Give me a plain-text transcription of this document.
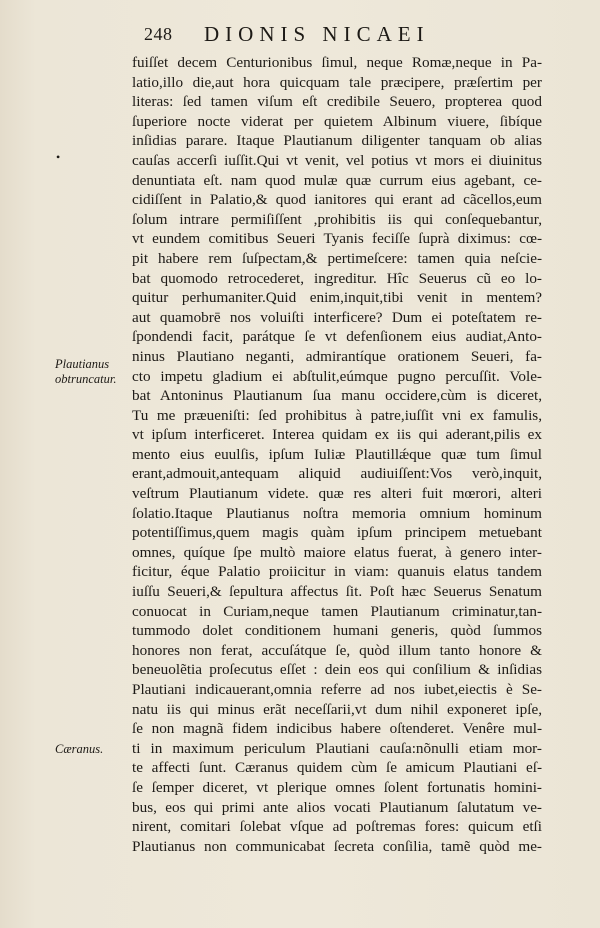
248 DIONIS NICAEI
•
Plautianus
obtruncatur.
Cæranus.
fuiſſet decem Centurionibus ſimul, neque Romæ,neque in Pa-
latio,illo die,aut hora quicquam tale præcipere, præſertim per
literas: ſed tamen viſum eſt credibile Seuero, propterea quod
ſuperiore nocte viderat per quietem Albinum viuere, ſibíque
inſidias parare. Itaque Plautianum diligenter tanquam ob alias
cauſas accerſi iuſſit.Qui vt venit, vel potius vt mors ei diuinitus
denuntiata eſt. nam quod mulæ quæ currum eius agebant, ce-
cidiſſent in Palatio,& quod ianitores qui erant ad cãcellos,eum
ſolum intrare permiſiſſent ,prohibitis iis qui conſequebantur,
vt eundem comitibus Seueri Tyanis feciſſe ſuprà diximus: cœ-
pit habere rem ſuſpectam,& pertimeſcere: tamen quia neſcie-
bat quomodo retrocederet, ingreditur. Hîc Seuerus cũ eo lo-
quitur perhumaniter.Quid enim,inquit,tibi venit in mentem?
aut quamobrē nos voluiſti interficere? Dum ei poteſtatem re-
ſpondendi facit, parátque ſe vt defenſionem eius audiat,Anto-
ninus Plautiano neganti, admirantíque orationem Seueri, fa-
cto impetu gladium ei abſtulit,eúmque pugno percuſſit. Vole-
bat Antoninus Plautianum ſua manu occidere,cùm is diceret,
Tu me præueniſti: ſed prohibitus à patre,iuſſit vni ex famulis,
vt ipſum interficeret. Interea quidam ex iis qui aderant,pilis ex
mento eius euulſis, ipſum Iuliæ Plautillǽque quæ tum ſimul
erant,admouit,antequam aliquid audiuiſſent:Vos verò,inquit,
veſtrum Plautianum videte. quæ res alteri fuit mœrori, alteri
ſolatio.Itaque Plautianus noſtra memoria omnium hominum
potentiſſimus,quem magis quàm ipſum principem metuebant
omnes, quíque ſpe multò maiore elatus fuerat, à genero inter-
ficitur, éque Palatio proiicitur in viam: quanuis elatus tandem
iuſſu Seueri,& ſepultura affectus ſit. Poſt hæc Seuerus Senatum
conuocat in Curiam,neque tamen Plautianum criminatur,tan-
tummodo dolet conditionem humani generis, quòd ſummos
honores non ferat, accuſátque ſe, quòd illum tanto honore &
beneuolẽtia proſecutus eſſet : dein eos qui conſilium & inſidias
Plautiani indicauerant,omnia referre ad nos iubet,eiectis è Se-
natu iis qui minus erãt neceſſarii,vt dum nihil exponeret ipſe,
ſe non magnã fidem indicibus habere oſtenderet. Venêre mul-
ti in maximum periculum Plautiani cauſa:nõnulli etiam mor-
te affecti ſunt. Cæranus quidem cùm ſe amicum Plautiani eſ-
ſe ſemper diceret, vt plerique omnes ſolent fortunatis homini-
bus, eos qui primi ante alios vocati Plautianum ſalutatum ve-
nirent, comitari ſolebat vſque ad poſtremas fores: quicum etſi
Plautianus non communicabat ſecreta conſilia, tamẽ quòd me-
